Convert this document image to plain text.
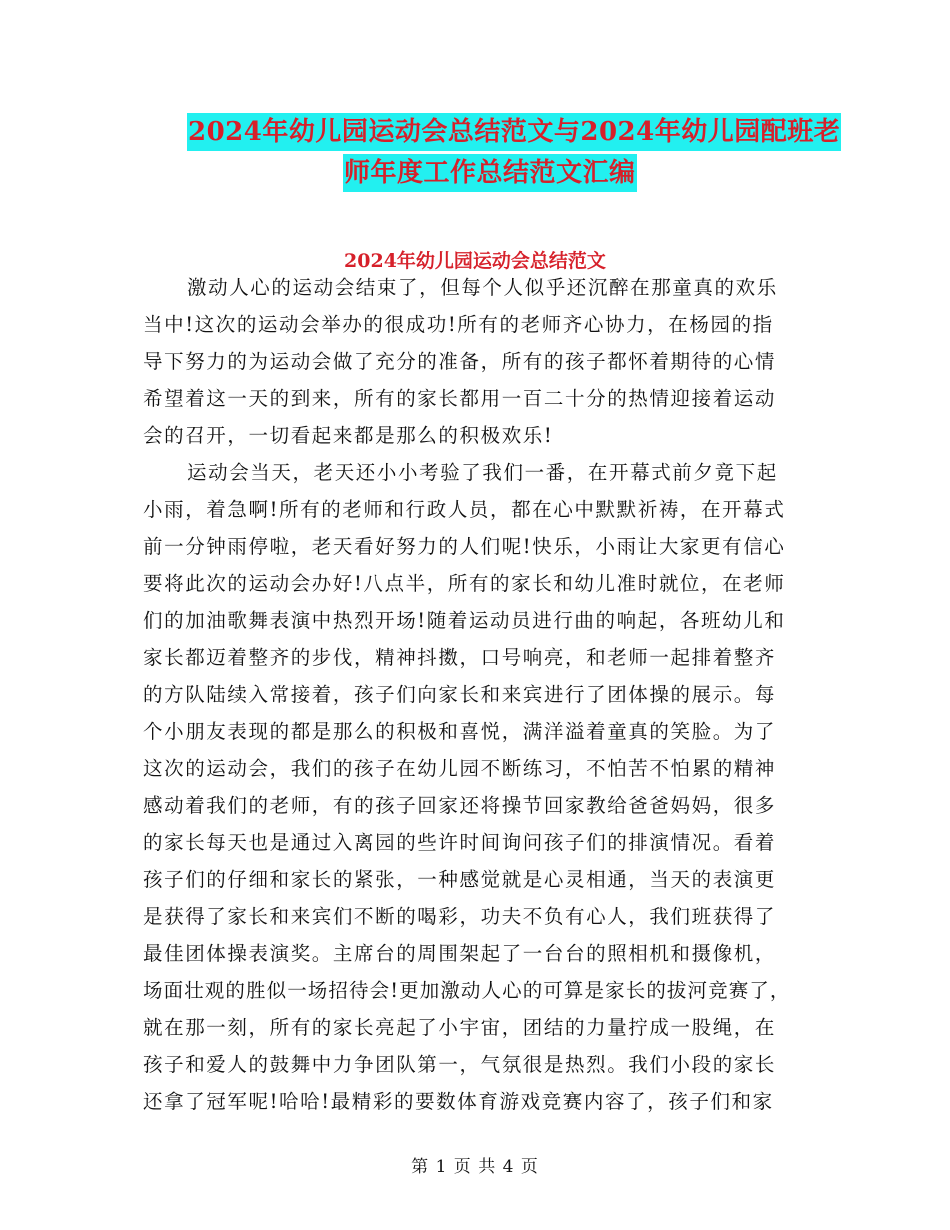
2024年幼儿园运动会总结范文与2024年幼儿园配班老
师年度工作总结范文汇编
2024年幼儿园运动会总结范文
激动人心的运动会结束了，但每个人似乎还沉醉在那童真的欢乐
当中!这次的运动会举办的很成功!所有的老师齐心协力，在杨园的指
导下努力的为运动会做了充分的准备，所有的孩子都怀着期待的心情
希望着这一天的到来，所有的家长都用一百二十分的热情迎接着运动
会的召开，一切看起来都是那么的积极欢乐!
运动会当天，老天还小小考验了我们一番，在开幕式前夕竟下起
小雨，着急啊!所有的老师和行政人员，都在心中默默祈祷，在开幕式
前一分钟雨停啦，老天看好努力的人们呢!快乐，小雨让大家更有信心
要将此次的运动会办好!八点半，所有的家长和幼儿准时就位，在老师
们的加油歌舞表演中热烈开场!随着运动员进行曲的响起，各班幼儿和
家长都迈着整齐的步伐，精神抖擞，口号响亮，和老师一起排着整齐
的方队陆续入常接着，孩子们向家长和来宾进行了团体操的展示。每
个小朋友表现的都是那么的积极和喜悦，满洋溢着童真的笑脸。为了
这次的运动会，我们的孩子在幼儿园不断练习，不怕苦不怕累的精神
感动着我们的老师，有的孩子回家还将操节回家教给爸爸妈妈，很多
的家长每天也是通过入离园的些许时间询问孩子们的排演情况。看着
孩子们的仔细和家长的紧张，一种感觉就是心灵相通，当天的表演更
是获得了家长和来宾们不断的喝彩，功夫不负有心人，我们班获得了
最佳团体操表演奖。主席台的周围架起了一台台的照相机和摄像机，
场面壮观的胜似一场招待会!更加激动人心的可算是家长的拔河竞赛了，
就在那一刻，所有的家长亮起了小宇宙，团结的力量拧成一股绳，在
孩子和爱人的鼓舞中力争团队第一，气氛很是热烈。我们小段的家长
还拿了冠军呢!哈哈!最精彩的要数体育游戏竞赛内容了，孩子们和家
第 1 页 共 4 页
